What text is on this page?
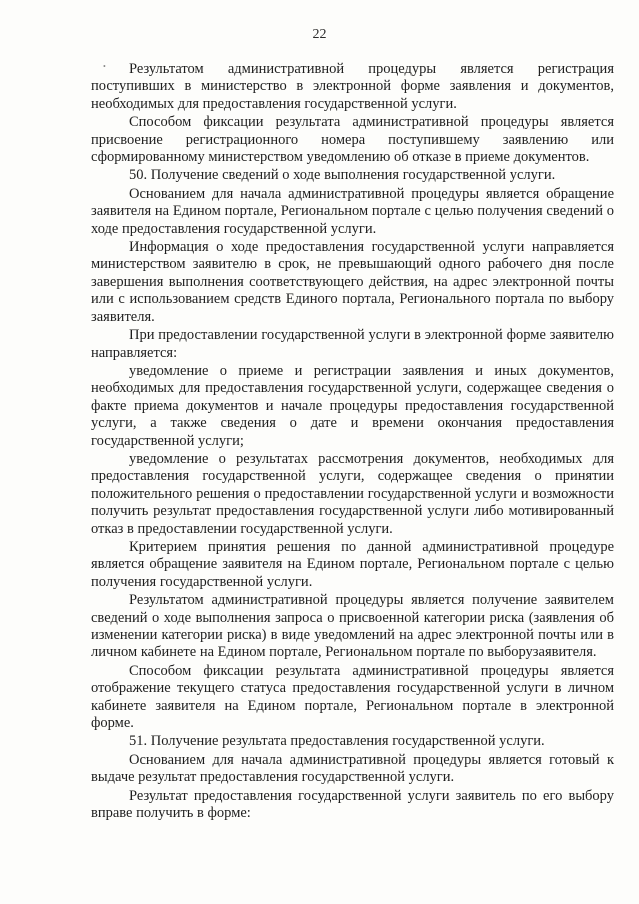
22

Результатом административной процедуры является регистрация поступивших в министерство в электронной форме заявления и документов, необходимых для предоставления государственной услуги.

Способом фиксации результата административной процедуры является присвоение регистрационного номера поступившему заявлению или сформированному министерством уведомлению об отказе в приеме документов.

50. Получение сведений о ходе выполнения государственной услуги.

Основанием для начала административной процедуры является обращение заявителя на Едином портале, Региональном портале с целью получения сведений о ходе предоставления государственной услуги.

Информация о ходе предоставления государственной услуги направляется министерством заявителю в срок, не превышающий одного рабочего дня после завершения выполнения соответствующего действия, на адрес электронной почты или с использованием средств Единого портала, Регионального портала по выбору заявителя.

При предоставлении государственной услуги в электронной форме заявителю направляется:

уведомление о приеме и регистрации заявления и иных документов, необходимых для предоставления государственной услуги, содержащее сведения о факте приема документов и начале процедуры предоставления государственной услуги, а также сведения о дате и времени окончания предоставления государственной услуги;

уведомление о результатах рассмотрения документов, необходимых для предоставления государственной услуги, содержащее сведения о принятии положительного решения о предоставлении государственной услуги и возможности получить результат предоставления государственной услуги либо мотивированный отказ в предоставлении государственной услуги.

Критерием принятия решения по данной административной процедуре является обращение заявителя на Едином портале, Региональном портале с целью получения государственной услуги.

Результатом административной процедуры является получение заявителем сведений о ходе выполнения запроса о присвоенной категории риска (заявления об изменении категории риска) в виде уведомлений на адрес электронной почты или в личном кабинете на Едином портале, Региональном портале по выборузаявителя.

Способом фиксации результата административной процедуры является отображение текущего статуса предоставления государственной услуги в личном кабинете заявителя на Едином портале, Региональном портале в электронной форме.

51. Получение результата предоставления государственной услуги.

Основанием для начала административной процедуры является готовый к выдаче результат предоставления государственной услуги.

Результат предоставления государственной услуги заявитель по его выбору вправе получить в форме:

•
